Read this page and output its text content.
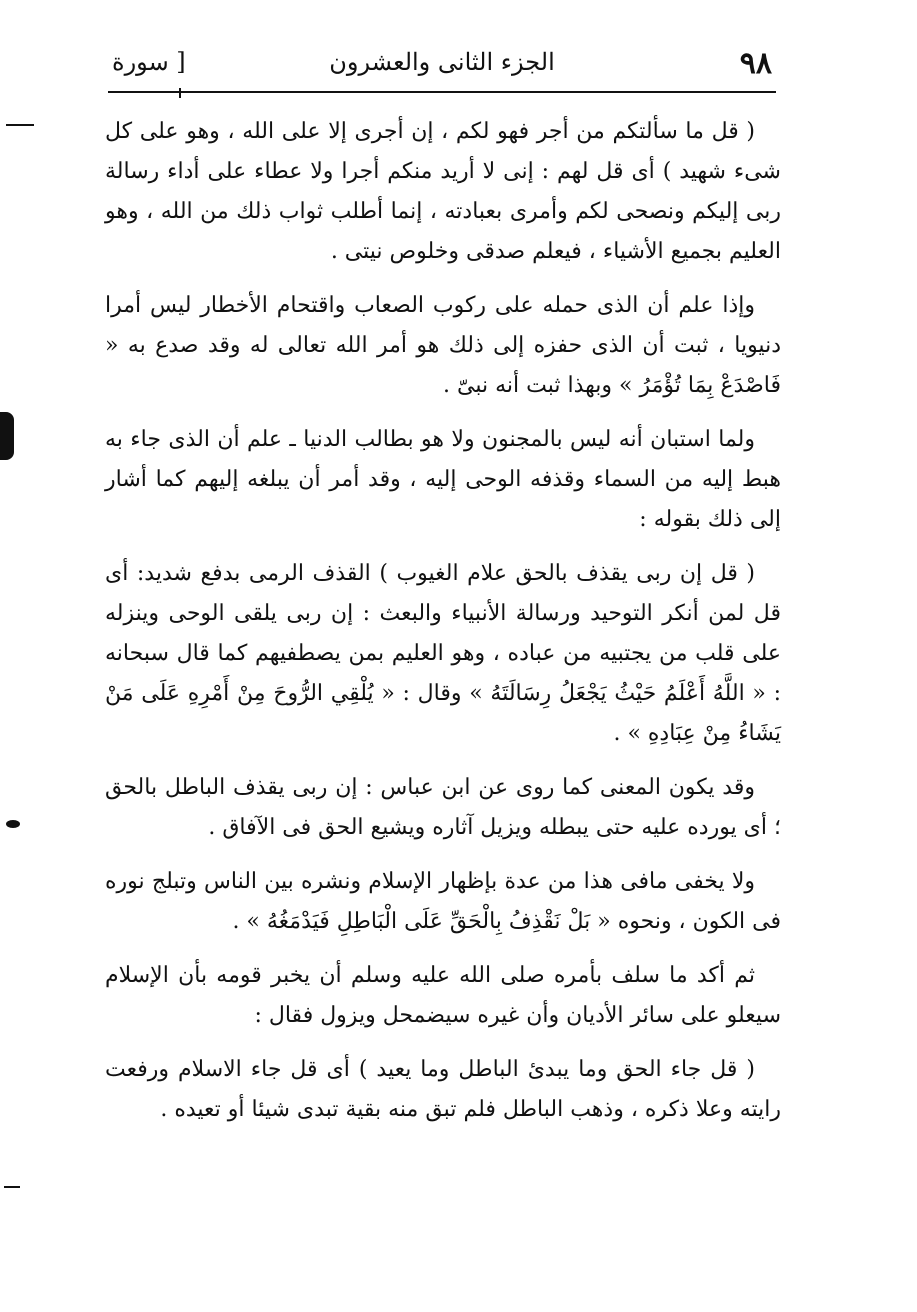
٩٨
الجزء الثانى والعشرون
[ سورة

( قل ما سألتكم من أجر فهو لكم ، إن أجرى إلا على الله ، وهو على كل شىء شهيد ) أى قل لهم : إنى لا أريد منكم أجرا ولا عطاء على أداء رسالة ربى إليكم ونصحى لكم وأمرى بعبادته ، إنما أطلب ثواب ذلك من الله ، وهو العليم بجميع الأشياء ، فيعلم صدقى وخلوص نيتى .

وإذا علم أن الذى حمله على ركوب الصعاب واقتحام الأخطار ليس أمرا دنيويا ، ثبت أن الذى حفزه إلى ذلك هو أمر الله تعالى له وقد صدع به « فَاصْدَعْ بِمَا تُؤْمَرُ » وبهذا ثبت أنه نبىّ .

ولما استبان أنه ليس بالمجنون ولا هو بطالب الدنيا ـ علم أن الذى جاء به هبط إليه من السماء وقذفه الوحى إليه ، وقد أمر أن يبلغه إليهم كما أشار إلى ذلك بقوله :

( قل إن ربى يقذف بالحق علام الغيوب ) القذف الرمى بدفع شديد: أى قل لمن أنكر التوحيد ورسالة الأنبياء والبعث : إن ربى يلقى الوحى وينزله على قلب من يجتبيه من عباده ، وهو العليم بمن يصطفيهم كما قال سبحانه : « اللَّهُ أَعْلَمُ حَيْثُ يَجْعَلُ رِسَالَتَهُ » وقال : « يُلْقِي الرُّوحَ مِنْ أَمْرِهِ عَلَى مَنْ يَشَاءُ مِنْ عِبَادِهِ » .

وقد يكون المعنى كما روى عن ابن عباس : إن ربى يقذف الباطل بالحق ؛ أى يورده عليه حتى يبطله ويزيل آثاره ويشيع الحق فى الآفاق .

ولا يخفى مافى هذا من عدة بإظهار الإسلام ونشره بين الناس وتبلج نوره فى الكون ، ونحوه « بَلْ نَقْذِفُ بِالْحَقِّ عَلَى الْبَاطِلِ فَيَدْمَغُهُ » .

ثم أكد ما سلف بأمره صلى الله عليه وسلم أن يخبر قومه بأن الإسلام سيعلو على سائر الأديان وأن غيره سيضمحل ويزول فقال :

( قل جاء الحق وما يبدئ الباطل وما يعيد ) أى قل جاء الاسلام ورفعت رايته وعلا ذكره ، وذهب الباطل فلم تبق منه بقية تبدى شيئا أو تعيده .
